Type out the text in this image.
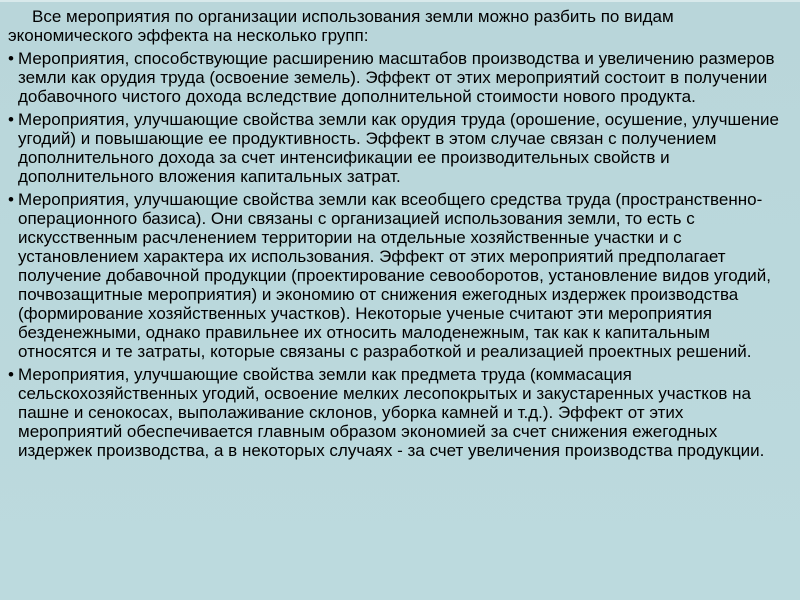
Все мероприятия по организации использования земли можно разбить по видам экономического эффекта на несколько групп:

• Мероприятия, способствующие расширению масштабов производства и увеличению размеров земли как орудия труда (освоение земель). Эффект от этих мероприятий состоит в получении добавочного чистого дохода вследствие дополнительной стоимости нового продукта.
• Мероприятия, улучшающие свойства земли как орудия труда (орошение, осушение, улучшение угодий) и повышающие ее продуктивность. Эффект в этом случае связан с получением дополнительного дохода за счет интенсификации ее производительных свойств и дополнительного вложения капитальных затрат.
• Мероприятия, улучшающие свойства земли как всеобщего средства труда (пространственно-операционного базиса). Они связаны с организацией использования земли, то есть с искусственным расчленением территории на отдельные хозяйственные участки и с установлением характера их использования. Эффект от этих мероприятий предполагает получение добавочной продукции (проектирование севооборотов, установление видов угодий, почвозащитные мероприятия) и экономию от снижения ежегодных издержек производства (формирование хозяйственных участков). Некоторые ученые считают эти мероприятия безденежными, однако правильнее их относить малоденежным, так как к капитальным относятся и те затраты, которые связаны с разработкой и реализацией проектных решений.
• Мероприятия, улучшающие свойства земли как предмета труда (коммасация сельскохозяйственных угодий, освоение мелких лесопокрытых и закустаренных участков на пашне и сенокосах, выполаживание склонов, уборка камней и т.д.). Эффект от этих мероприятий обеспечивается главным образом экономией за счет снижения ежегодных издержек производства, а в некоторых случаях - за счет увеличения производства продукции.
